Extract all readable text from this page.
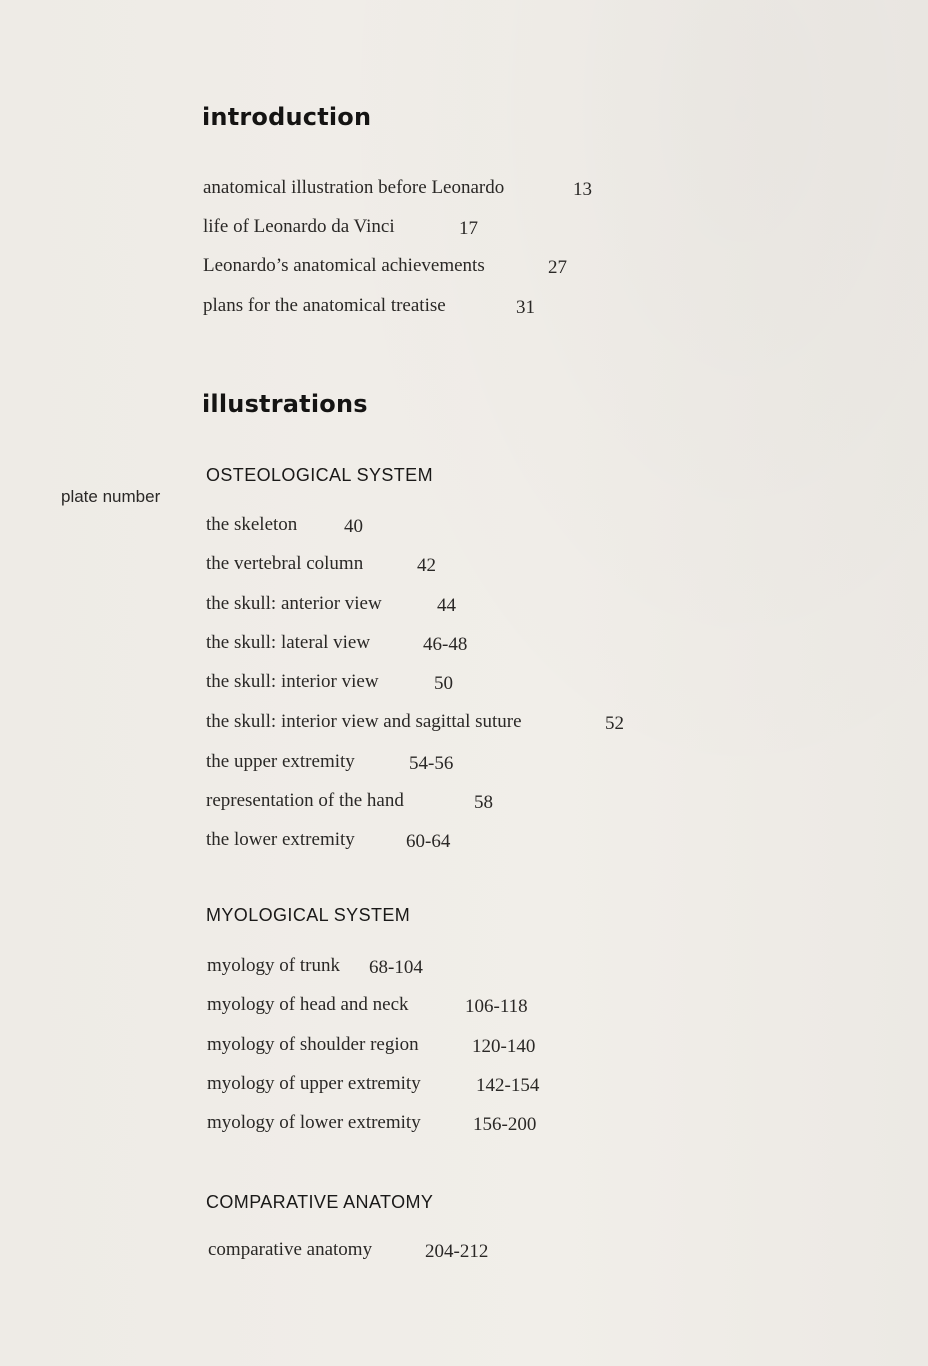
introduction
anatomical illustration before Leonardo	13
life of Leonardo da Vinci	17
Leonardo’s anatomical achievements	27
plans for the anatomical treatise	31
illustrations
OSTEOLOGICAL SYSTEM
plate number
the skeleton 40
the vertebral column	42
the skull: anterior view	44
the skull: lateral view	46-48
the skull: interior view	50
the skull: interior view and sagittal suture	52
the upper extremity	54-56
representation of the hand	58
the lower extremity	60-64
MYOLOGICAL SYSTEM
myology of trunk 68-104
myology of head and neck	106-118
myology of shoulder region	120-140
myology of upper extremity	142-154
myology of lower extremity	156-200
COMPARATIVE ANATOMY
comparative anatomy	204-212
